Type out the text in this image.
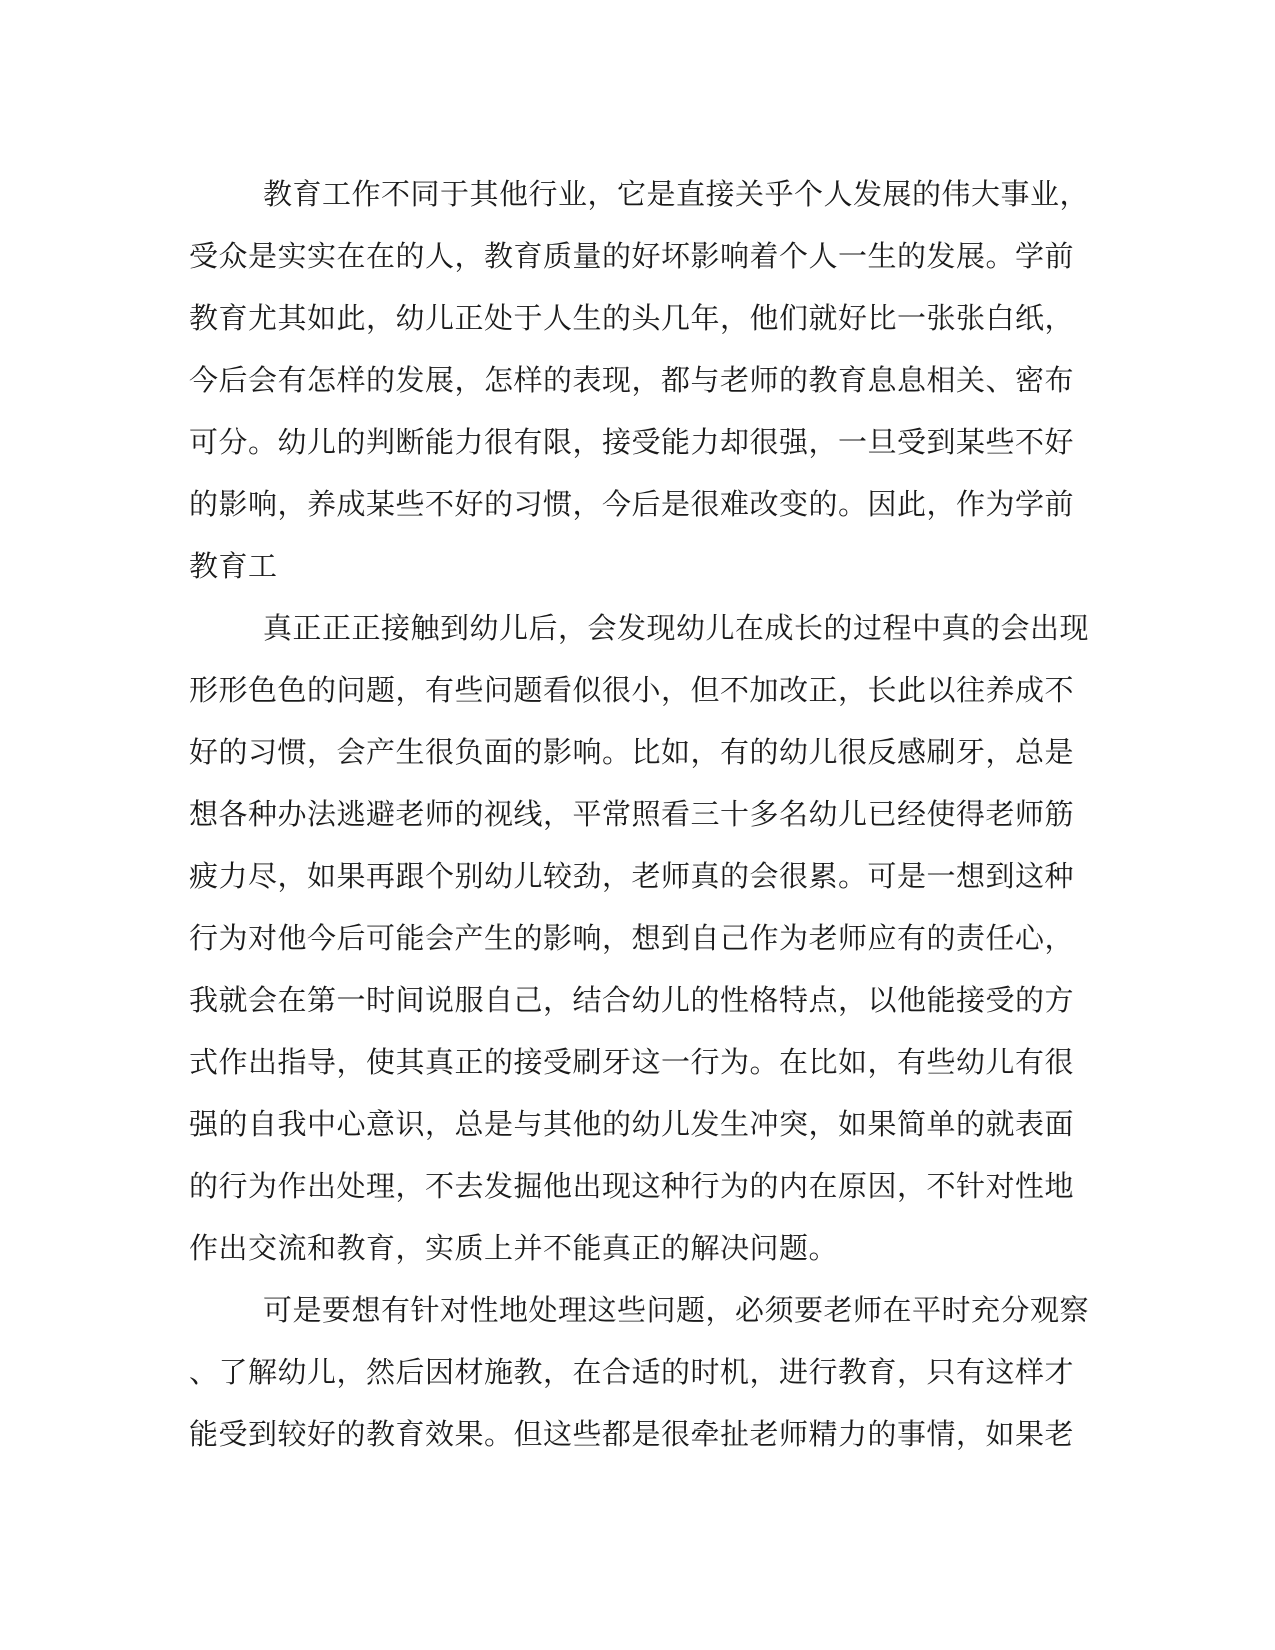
教育工作不同于其他行业，它是直接关乎个人发展的伟大事业，
受众是实实在在的人，教育质量的好坏影响着个人一生的发展。学前
教育尤其如此，幼儿正处于人生的头几年，他们就好比一张张白纸，
今后会有怎样的发展，怎样的表现，都与老师的教育息息相关、密布
可分。幼儿的判断能力很有限，接受能力却很强，一旦受到某些不好
的影响，养成某些不好的习惯，今后是很难改变的。因此，作为学前
教育工
真正正正接触到幼儿后，会发现幼儿在成长的过程中真的会出现
形形色色的问题，有些问题看似很小，但不加改正，长此以往养成不
好的习惯，会产生很负面的影响。比如，有的幼儿很反感刷牙，总是
想各种办法逃避老师的视线，平常照看三十多名幼儿已经使得老师筋
疲力尽，如果再跟个别幼儿较劲，老师真的会很累。可是一想到这种
行为对他今后可能会产生的影响，想到自己作为老师应有的责任心，
我就会在第一时间说服自己，结合幼儿的性格特点，以他能接受的方
式作出指导，使其真正的接受刷牙这一行为。在比如，有些幼儿有很
强的自我中心意识，总是与其他的幼儿发生冲突，如果简单的就表面
的行为作出处理，不去发掘他出现这种行为的内在原因，不针对性地
作出交流和教育，实质上并不能真正的解决问题。
可是要想有针对性地处理这些问题，必须要老师在平时充分观察
、了解幼儿，然后因材施教，在合适的时机，进行教育，只有这样才
能受到较好的教育效果。但这些都是很牵扯老师精力的事情，如果老
